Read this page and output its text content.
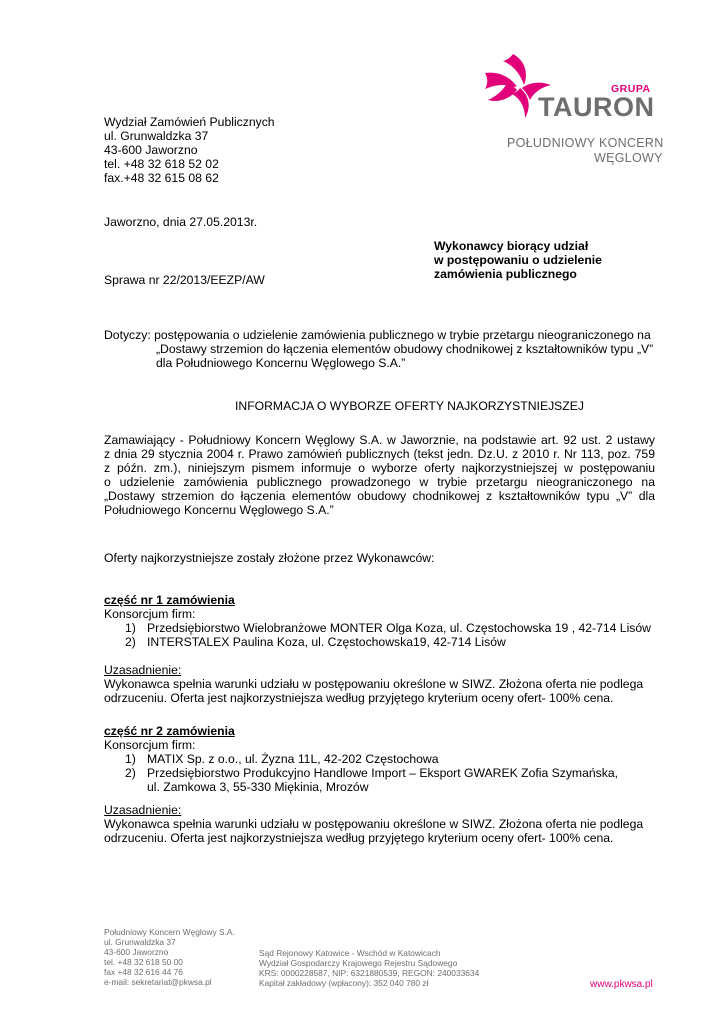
GRUPA
TAURON
POŁUDNIOWY KONCERN
WĘGLOWY
Wydział Zamówień Publicznych
ul. Grunwaldzka 37
43-600 Jaworzno
tel. +48 32 618 52 02
fax.+48 32 615 08 62
Jaworzno, dnia 27.05.2013r.
Wykonawcy biorący udział
w postępowaniu o udzielenie
zamówienia publicznego
Sprawa nr 22/2013/EEZP/AW
Dotyczy: postępowania o udzielenie zamówienia publicznego w trybie przetargu nieograniczonego na
„Dostawy strzemion do łączenia elementów obudowy chodnikowej z kształtowników typu „V”
dla Południowego Koncernu Węglowego S.A.”
INFORMACJA O WYBORZE OFERTY NAJKORZYSTNIEJSZEJ
Zamawiający - Południowy Koncern Węglowy S.A. w Jaworznie, na podstawie art. 92 ust. 2 ustawy
z dnia 29 stycznia 2004 r. Prawo zamówień publicznych (tekst jedn. Dz.U. z 2010 r. Nr 113, poz. 759
z późn. zm.), niniejszym pismem informuje o wyborze oferty najkorzystniejszej w postępowaniu
o udzielenie zamówienia publicznego prowadzonego w trybie przetargu nieograniczonego na
„Dostawy strzemion do łączenia elementów obudowy chodnikowej z kształtowników typu „V” dla
Południowego Koncernu Węglowego S.A.”
Oferty najkorzystniejsze zostały złożone przez Wykonawców:
część nr 1 zamówienia
Konsorcjum firm:
1) Przedsiębiorstwo Wielobranżowe MONTER Olga Koza, ul. Częstochowska 19 , 42-714 Lisów
2) INTERSTALEX Paulina Koza, ul. Częstochowska19, 42-714 Lisów
Uzasadnienie:
Wykonawca spełnia warunki udziału w postępowaniu określone w SIWZ. Złożona oferta nie podlega
odrzuceniu. Oferta jest najkorzystniejsza według przyjętego kryterium oceny ofert- 100% cena.
część nr 2 zamówienia
Konsorcjum firm:
1) MATIX Sp. z o.o., ul. Żyzna 11L, 42-202 Częstochowa
2) Przedsiębiorstwo Produkcyjno Handlowe Import – Eksport GWAREK Zofia Szymańska,
ul. Zamkowa 3, 55-330 Miękinia, Mrozów
Uzasadnienie:
Wykonawca spełnia warunki udziału w postępowaniu określone w SIWZ. Złożona oferta nie podlega
odrzuceniu. Oferta jest najkorzystniejsza według przyjętego kryterium oceny ofert- 100% cena.
Południowy Koncern Węglowy S.A.
ul. Grunwaldzka 37
43-600 Jaworzno
tel. +48 32 618 50 00
fax +48 32 616 44 76
e-mail: sekretariat@pkwsa.pl
Sąd Rejonowy Katowice - Wschód w Katowicach
Wydział Gospodarczy Krajowego Rejestru Sądowego
KRS: 0000228587, NIP: 6321880539, REGON: 240033634
Kapitał zakładowy (wpłacony): 352 040 780 zł	www.pkwsa.pl
